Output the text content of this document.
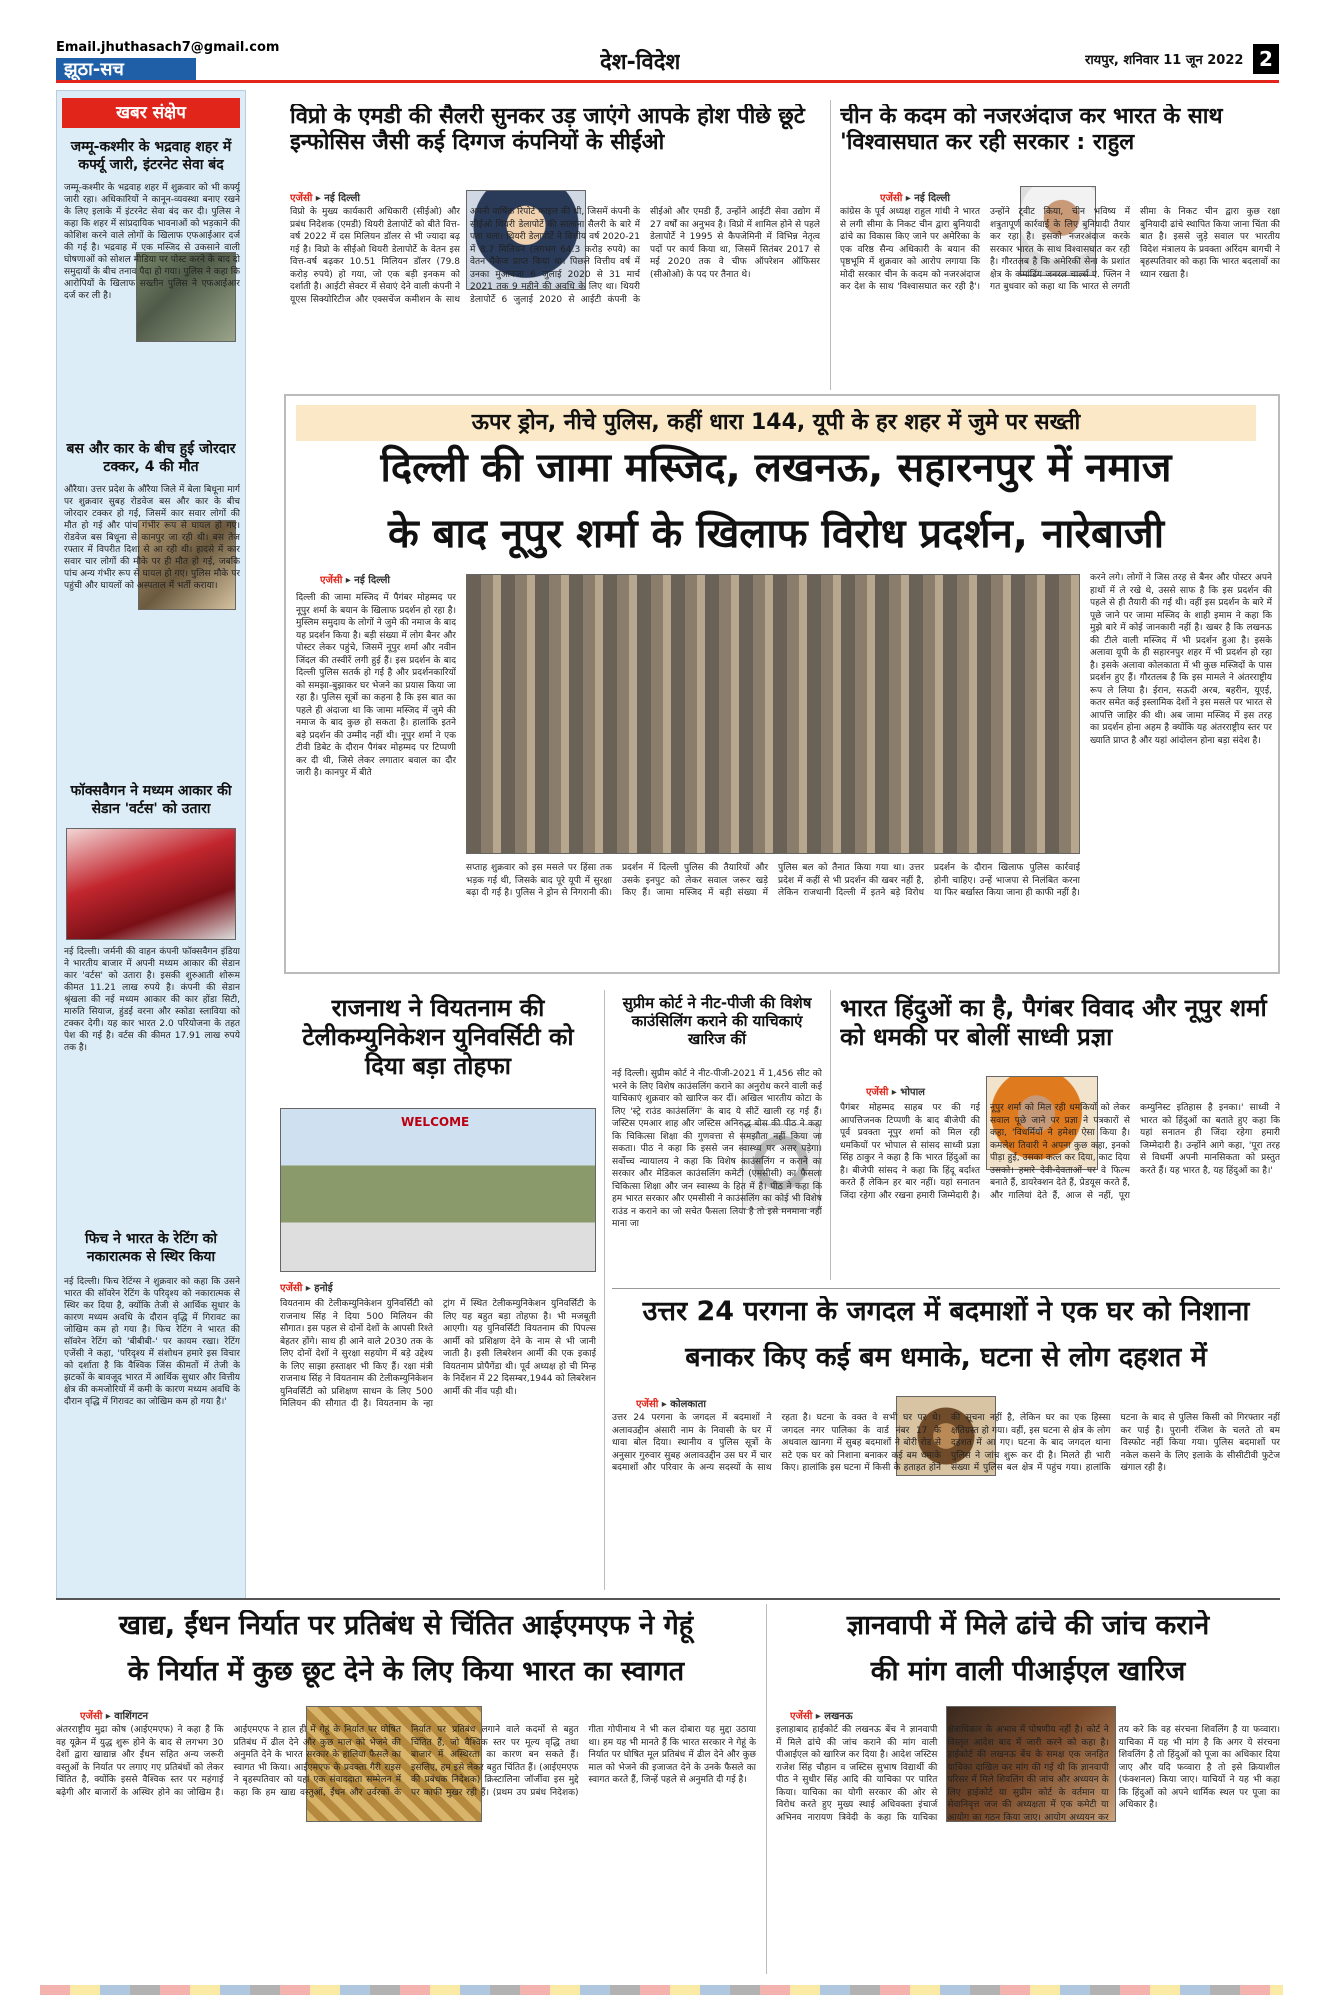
Email.jhuthasach7@gmail.com
झूठा-सच	देश-विदेश	रायपुर, शनिवार 11 जून 2022 2
खबर संक्षेप
जम्मू-कश्मीर के भद्रवाह शहर में कर्फ्यू जारी, इंटरनेट सेवा बंद
जम्मू-कश्मीर के भद्रवाह शहर में शुक्रवार को भी कर्फ्यू जारी रहा। अधिकारियों ने कानून-व्यवस्था बनाए रखने के लिए इलाके में इंटरनेट सेवा बंद कर दी। पुलिस ने कहा कि शहर में सांप्रदायिक भावनाओं को भड़काने की कोशिश करने वाले लोगों के खिलाफ एफआईआर दर्ज की गई है। भद्रवाह में एक मस्जिद से उकसाने वाली घोषणाओं को सोशल मीडिया पर पोस्ट करने के बाद दो समुदायों के बीच तनाव पैदा हो गया। पुलिस ने कहा कि आरोपियों के खिलाफ सख्तीन पुलिस ने एफआईआर दर्ज कर ली है।
बस और कार के बीच हुई जोरदार टक्कर, 4 की मौत
औरैया। उत्तर प्रदेश के औरैया जिले में बेला बिधूना मार्ग पर शुक्रवार सुबह रोडवेज बस और कार के बीच जोरदार टक्कर हो गई, जिसमें कार सवार लोगों की मौत हो गई और पांच गंभीर रूप से घायल हो गए। रोडवेज बस बिधूना से कानपुर जा रही थी। बस तेज रफ्तार में विपरीत दिशा से आ रही थी। हादसे में कार सवार चार लोगों की मौके पर ही मौत हो गई, जबकि पांच अन्य गंभीर रूप से घायल हो गए। पुलिस मौके पर पहुंची और घायलों को अस्पताल में भर्ती कराया।
फॉक्सवैगन ने मध्यम आकार की सेडान 'वर्टस' को उतारा
नई दिल्ली। जर्मनी की वाहन कंपनी फॉक्सवैगन इंडिया ने भारतीय बाजार में अपनी मध्यम आकार की सेडान कार 'वर्टस' को उतारा है। इसकी शुरुआती शोरूम कीमत 11.21 लाख रुपये है। कंपनी की सेडान श्रृंखला की नई मध्यम आकार की कार होंडा सिटी, मारुति सियाज, हुंडई वरना और स्कोडा स्लाविया को टक्कर देगी। यह कार भारत 2.0 परियोजना के तहत पेश की गई है। वर्टस की कीमत 17.91 लाख रुपये तक है।
फिच ने भारत के रेटिंग को नकारात्मक से स्थिर किया
नई दिल्ली। फिच रेटिंग्स ने शुक्रवार को कहा कि उसने भारत की सॉवरेन रेटिंग के परिदृश्य को नकारात्मक से स्थिर कर दिया है, क्योंकि तेजी से आर्थिक सुधार के कारण मध्यम अवधि के दौरान वृद्धि में गिरावट का जोखिम कम हो गया है। फिच रेटिंग ने भारत की सॉवरेन रेटिंग को 'बीबीबी-' पर कायम रखा। रेटिंग एजेंसी ने कहा, 'परिदृश्य में संशोधन हमारे इस विचार को दर्शाता है कि वैश्विक जिंस कीमतों में तेजी के झटकों के बावजूद भारत में आर्थिक सुधार और वित्तीय क्षेत्र की कमजोरियों में कमी के कारण मध्यम अवधि के दौरान वृद्धि में गिरावट का जोखिम कम हो गया है।'
विप्रो के एमडी की सैलरी सुनकर उड़ जाएंगे आपके होश पीछे छूटे इन्फोसिस जैसी कई दिग्गज कंपनियों के सीईओ
एजेंसी ▸ नई दिल्ली
विप्रो के मुख्य कार्यकारी अधिकारी (सीईओ) और प्रबंध निदेशक (एमडी) थियरी डेलापोर्टे को बीते वित्त-वर्ष 2022 में दस मिलियन डॉलर से भी ज्यादा बढ़ गई है। विप्रो के सीईओ थियरी डेलापोर्टे के वेतन इस वित्त-वर्ष बढ़कर 10.51 मिलियन डॉलर (79.8 करोड़ रुपये) हो गया, जो एक बड़ी इनकम को दर्शाती है। आईटी सेक्टर में सेवाएं देने वाली कंपनी ने यूएस सिक्योरिटीज और एक्सचेंज कमीशन के साथ अपनी वार्षिक रिपोर्ट फाइल की थी, जिसमें कंपनी के सीईओ थियरी डेलापोर्टे की सालाना सैलरी के बारे में पता चला। थियरी डेलापोर्टे ने वित्तीय वर्ष 2020-21 में 8.7 मिलियन (लगभग 64.3 करोड़ रुपये) का वेतन पैकेज प्राप्त किया था। पिछले वित्तीय वर्ष में उनका मुआवजा 6 जुलाई 2020 से 31 मार्च 2021 तक 9 महीने की अवधि के लिए था। थियरी डेलापोर्टे 6 जुलाई 2020 से आईटी कंपनी के सीईओ और एमडी हैं, उन्होंने आईटी सेवा उद्योग में 27 वर्षों का अनुभव है। विप्रो में शामिल होने से पहले डेलापोर्टे ने 1995 से कैपजेमिनी में विभिन्न नेतृत्व पदों पर कार्य किया था, जिसमें सितंबर 2017 से मई 2020 तक वे चीफ ऑपरेशन ऑफिसर (सीओओ) के पद पर तैनात थे।
चीन के कदम को नजरअंदाज कर भारत के साथ 'विश्वासघात कर रही सरकार : राहुल
एजेंसी ▸ नई दिल्ली
कांग्रेस के पूर्व अध्यक्ष राहुल गांधी ने भारत से लगी सीमा के निकट चीन द्वारा बुनियादी ढांचे का विकास किए जाने पर अमेरिका के एक वरिष्ठ सैन्य अधिकारी के बयान की पृष्ठभूमि में शुक्रवार को आरोप लगाया कि मोदी सरकार चीन के कदम को नजरअंदाज कर देश के साथ 'विश्वासघात कर रही है'। उन्होंने ट्वीट किया, चीन भविष्य में शत्रुतापूर्ण कार्रवाई के लिए बुनियादी तैयार कर रहा है। इसको नजरअंदाज करके सरकार भारत के साथ विश्वासघात कर रही है। गौरतलब है कि अमेरिकी सेना के प्रशांत क्षेत्र के कमांडिंग जनरल चार्ल्स ए. फ्लिन ने गत बुधवार को कहा था कि भारत से लगती सीमा के निकट चीन द्वारा कुछ रक्षा बुनियादी ढांचे स्थापित किया जाना चिंता की बात है। इससे जुड़े सवाल पर भारतीय विदेश मंत्रालय के प्रवक्ता अरिंदम बागची ने बृहस्पतिवार को कहा कि भारत बदलावों का ध्यान रखता है।
ऊपर ड्रोन, नीचे पुलिस, कहीं धारा 144, यूपी के हर शहर में जुमे पर सख्ती
दिल्ली की जामा मस्जिद, लखनऊ, सहारनपुर में नमाज
के बाद नूपुर शर्मा के खिलाफ विरोध प्रदर्शन, नारेबाजी
एजेंसी ▸ नई दिल्ली
दिल्ली की जामा मस्जिद में पैगंबर मोहम्मद पर नूपुर शर्मा के बयान के खिलाफ प्रदर्शन हो रहा है। मुस्लिम समुदाय के लोगों ने जुमे की नमाज के बाद यह प्रदर्शन किया है। बड़ी संख्या में लोग बैनर और पोस्टर लेकर पहुंचे, जिसमें नूपुर शर्मा और नवीन जिंदल की तस्वीरें लगी हुई हैं। इस प्रदर्शन के बाद दिल्ली पुलिस सतर्क हो गई है और प्रदर्शनकारियों को समझा-बुझाकर घर भेजने का प्रयास किया जा रहा है। पुलिस सूत्रों का कहना है कि इस बात का पहले ही अंदाजा था कि जामा मस्जिद में जुमे की नमाज के बाद कुछ हो सकता है। हालांकि इतने बड़े प्रदर्शन की उम्मीद नहीं थी। नूपुर शर्मा ने एक टीवी डिबेट के दौरान पैगंबर मोहम्मद पर टिप्पणी कर दी थी, जिसे लेकर लगातार बवाल का दौर जारी है। कानपुर में बीते
सप्ताह शुक्रवार को इस मसले पर हिंसा तक भड़क गई थी, जिसके बाद पूरे यूपी में सुरक्षा बढ़ा दी गई है। पुलिस ने ड्रोन से निगरानी की। प्रदर्शन में दिल्ली पुलिस की तैयारियों और उसके इनपुट को लेकर सवाल जरूर खड़े किए हैं। जामा मस्जिद में बड़ी संख्या में पुलिस बल को तैनात किया गया था। उत्तर प्रदेश में कहीं से भी प्रदर्शन की खबर नहीं है, लेकिन राजधानी दिल्ली में इतने बड़े विरोध प्रदर्शन के दौरान खिलाफ पुलिस कार्रवाई होनी चाहिए। उन्हें भाजपा से निलंबित करना या फिर बर्खास्त किया जाना ही काफी नहीं है।
करने लगे। लोगों ने जिस तरह से बैनर और पोस्टर अपने हाथों में ले रखे थे, उससे साफ है कि इस प्रदर्शन की पहले से ही तैयारी की गई थी। वहीं इस प्रदर्शन के बारे में पूछे जाने पर जामा मस्जिद के शाही इमाम ने कहा कि मुझे बारे में कोई जानकारी नहीं है। खबर है कि लखनऊ की टीले वाली मस्जिद में भी प्रदर्शन हुआ है। इसके अलावा यूपी के ही सहारनपुर शहर में भी प्रदर्शन हो रहा है। इसके अलावा कोलकाता में भी कुछ मस्जिदों के पास प्रदर्शन हुए हैं। गौरतलब है कि इस मामले ने अंतरराष्ट्रीय रूप ले लिया है। ईरान, सऊदी अरब, बहरीन, यूएई, कतर समेत कई इस्लामिक देशों ने इस मसले पर भारत से आपत्ति जाहिर की थी। अब जामा मस्जिद में इस तरह का प्रदर्शन होना अहम है क्योंकि यह अंतरराष्ट्रीय स्तर पर ख्याति प्राप्त है और यहां आंदोलन होना बड़ा संदेश है।
राजनाथ ने वियतनाम की टेलीकम्युनिकेशन युनिवर्सिटी को दिया बड़ा तोहफा
WELCOME
एजेंसी ▸ हनोई
वियतनाम की टेलीकम्युनिकेशन युनिवर्सिटी को राजनाथ सिंह ने दिया 500 मिलियन की सौगात। इस पहल से दोनों देशों के आपसी रिश्ते बेहतर होंगे। साथ ही आने वाले 2030 तक के लिए दोनों देशों ने सुरक्षा सहयोग में बड़े उद्देश्य के लिए साझा हस्ताक्षर भी किए हैं। रक्षा मंत्री राजनाथ सिंह ने वियतनाम की टेलीकम्युनिकेशन युनिवर्सिटी को प्रशिक्षण साधन के लिए 500 मिलियन की सौगात दी है। वियतनाम के न्हा ट्रांग में स्थित टेलीकम्युनिकेशन युनिवर्सिटी के लिए यह बहुत बड़ा तोहफा है। भी मजबूती आएगी। यह युनिवर्सिटी वियतनाम की पिपल्स आर्मी को प्रशिक्षण देने के नाम से भी जानी जाती है। इसी लिबरेशन आर्मी की एक इकाई वियतनाम प्रोपैगेंडा थी। पूर्व अध्यक्ष हो ची मिन्ह के निर्देशन में 22 दिसम्बर,1944 को लिबरेशन आर्मी की नींव पड़ी थी।
सुप्रीम कोर्ट ने नीट-पीजी की विशेष काउंसिलिंग कराने की याचिकाएं खारिज कीं
नई दिल्ली। सुप्रीम कोर्ट ने नीट-पीजी-2021 में 1,456 सीट को भरने के लिए विशेष काउंसलिंग कराने का अनुरोध करने वाली कई याचिकाएं शुक्रवार को खारिज कर दीं। अखिल भारतीय कोटा के लिए 'स्ट्रे राउंड काउंसलिंग' के बाद ये सीटें खाली रह गई हैं। जस्टिस एमआर शाह और जस्टिस अनिरुद्ध बोस की पीठ ने कहा कि चिकित्सा शिक्षा की गुणवत्ता से समझौता नहीं किया जा सकता। पीठ ने कहा कि इससे जन स्वास्थ्य पर असर पड़ेगा। सर्वोच्च न्यायालय ने कहा कि विशेष काउंसलिंग न कराने का सरकार और मेडिकल काउंसलिंग कमेटी (एमसीसी) का फैसला चिकित्सा शिक्षा और जन स्वास्थ्य के हित में है। पीठ ने कहा कि हम भारत सरकार और एमसीसी ने काउंसलिंग का कोई भी विशेष राउंड न कराने का जो सचेत फैसला लिया है तो इसे मनमाना नहीं माना जा
भारत हिंदुओं का है, पैगंबर विवाद और नूपुर शर्मा को धमकी पर बोलीं साध्वी प्रज्ञा
एजेंसी ▸ भोपाल
पैगंबर मोहम्मद साहब पर की गई आपत्तिजनक टिप्पणी के बाद बीजेपी की पूर्व प्रवक्ता नूपुर शर्मा को मिल रही धमकियों पर भोपाल से सांसद साध्वी प्रज्ञा सिंह ठाकुर ने कहा है कि भारत हिंदुओं का है। बीजेपी सांसद ने कहा कि हिंदू बर्दाश्त करते हैं लेकिन हर बार नहीं। यहां सनातन जिंदा रहेगा और रखना हमारी जिम्मेदारी है। नूपुर शर्मा को मिल रही धमकियों को लेकर सवाल पूछे जाने पर प्रज्ञा ने पत्रकारों से कहा, 'विधर्मियों ने हमेशा ऐसा किया है। कमलेश तिवारी ने अपना कुछ कहा, इनको पीड़ा हुई, उसका कत्ल कर दिया, काट दिया उसको। हमारे देवी-देवताओं पर वे फिल्म बनाते हैं, डायरेक्शन देते हैं, प्रेडयूस करते हैं, और गालियां देते हैं, आज से नहीं, पूरा कम्युनिस्ट इतिहास है इनका।' साध्वी ने भारत को हिंदुओं का बताते हुए कहा कि यहां सनातन ही जिंदा रहेगा हमारी जिम्मेदारी है। उन्होंने आगे कहा, 'पूरा तरह से विधर्मी अपनी मानसिकता को प्रस्तुत करते हैं। यह भारत है, यह हिंदुओं का है।'
उत्तर 24 परगना के जगदल में बदमाशों ने एक घर को निशाना
बनाकर किए कई बम धमाके, घटना से लोग दहशत में
एजेंसी ▸ कोलकाता
उत्तर 24 परगना के जगदल में बदमाशों ने अलावउद्दीन अंसारी नाम के निवासी के घर में धावा बोल दिया। स्थानीय व पुलिस सूत्रों के अनुसार गुरुवार सुबह अलावउद्दीन उस घर में चार बदमाशों और परिवार के अन्य सदस्यों के साथ रहता है। घटना के वक्त वे सभी घर पर थे। जगदल नगर पालिका के वार्ड नंबर 17 के अधवाल खानगा में सुबह बदमाशों ने बोरी रोड से सटे एक घर को निशाना बनाकर कई बम धमाके किए। हालांकि इस घटना में किसी के हताहत होने की सूचना नहीं है, लेकिन घर का एक हिस्सा क्षतिग्रस्त हो गया। वहीं, इस घटना से क्षेत्र के लोग दहशत में आ गए। घटना के बाद जगदल थाना पुलिस ने जांच शुरू कर दी है। मिलते ही भारी संख्या में पुलिस बल क्षेत्र में पहुंच गया। हालांकि घटना के बाद से पुलिस किसी को गिरफ्तार नहीं कर पाई है। पुरानी रंजिश के चलते तो बम विस्फोट नहीं किया गया। पुलिस बदमाशों पर नकेल कसने के लिए इलाके के सीसीटीवी फुटेज खंगाल रही है।
खाद्य, ईंधन निर्यात पर प्रतिबंध से चिंतित आईएमएफ ने गेहूं
के निर्यात में कुछ छूट देने के लिए किया भारत का स्वागत
एजेंसी ▸ वाशिंगटन
अंतरराष्ट्रीय मुद्रा कोष (आईएमएफ) ने कहा है कि वह यूक्रेन में युद्ध शुरू होने के बाद से लगभग 30 देशों द्वारा खाद्यान्न और ईंधन सहित अन्य जरूरी वस्तुओं के निर्यात पर लगाए गए प्रतिबंधों को लेकर चिंतित है, क्योंकि इससे वैश्विक स्तर पर महंगाई बढ़ेगी और बाजारों के अस्थिर होने का जोखिम है। आईएमएफ ने हाल ही में गेहूं के निर्यात पर घोषित प्रतिबंध में ढील देने और कुछ माल को भेजने की अनुमति देने के भारत सरकार के हालिया फैसले का स्वागत भी किया। आईएमएफ के प्रवक्ता गैरी राइस ने बृहस्पतिवार को यहां एक संवाददाता सम्मेलन में कहा कि हम खाद्य वस्तुओं, ईंधन और उर्वरकों के निर्यात पर प्रतिबंध लगाने वाले कदमों से बहुत चिंतित हैं, जो वैश्विक स्तर पर मूल्य वृद्धि तथा बाजार में अस्थिरता का कारण बन सकते हैं। इसलिए, हम इसे लेकर बहुत चिंतित हैं। (आईएमएफ की प्रबंधक निदेशक) क्रिस्टालिना जॉर्जीवा इस मुद्दे पर काफी मुखर रही हैं। (प्रथम उप प्रबंध निदेशक) गीता गोपीनाथ ने भी कल दोबारा यह मुद्दा उठाया था। हम यह भी मानते हैं कि भारत सरकार ने गेहूं के निर्यात पर घोषित मूल प्रतिबंध में ढील देने और कुछ माल को भेजने की इजाजत देने के उनके फैसले का स्वागत करते हैं, जिन्हें पहले से अनुमति दी गई है।
ज्ञानवापी में मिले ढांचे की जांच कराने
की मांग वाली पीआईएल खारिज
एजेंसी ▸ लखनऊ
इलाहाबाद हाईकोर्ट की लखनऊ बेंच ने ज्ञानवापी में मिले ढांचे की जांच कराने की मांग वाली पीआईएल को खारिज कर दिया है। आदेश जस्टिस राजेश सिंह चौहान व जस्टिस सुभाष विद्यार्थी की पीठ ने सुधीर सिंह आदि की याचिका पर पारित किया। याचिका का योगी सरकार की ओर से विरोध करते हुए मुख्य स्थाई अधिवक्ता इंचार्ज अभिनव नारायण त्रिवेदी के कहा कि याचिका क्षेत्राधिकार के अभाव में पोषणीय नहीं है। कोर्ट ने विस्तृत आदेश बाद में जारी करने को कहा है। हाईकोर्ट की लखनऊ बेंच के समक्ष एक जनहित याचिका दाखिल कर मांग की गई थी कि ज्ञानवापी परिसर में मिले शिवलिंग की जांच और अध्ययन के लिए हाईकोर्ट या सुप्रीम कोर्ट के वर्तमान या सेवानिवृत्त जज की अध्यक्षता में एक कमेटी या आयोग का गठन किया जाए। आयोग अध्ययन कर तय करे कि वह संरचना शिवलिंग है या फव्वारा। याचिका में यह भी मांग है कि अगर ये संरचना शिवलिंग है तो हिंदुओं को पूजा का अधिकार दिया जाए और यदि फव्वारा है तो इसे क्रियाशील (फंक्शनल) किया जाए। याचियों ने यह भी कहा कि हिंदुओं को अपने धार्मिक स्थल पर पूजा का अधिकार है।
